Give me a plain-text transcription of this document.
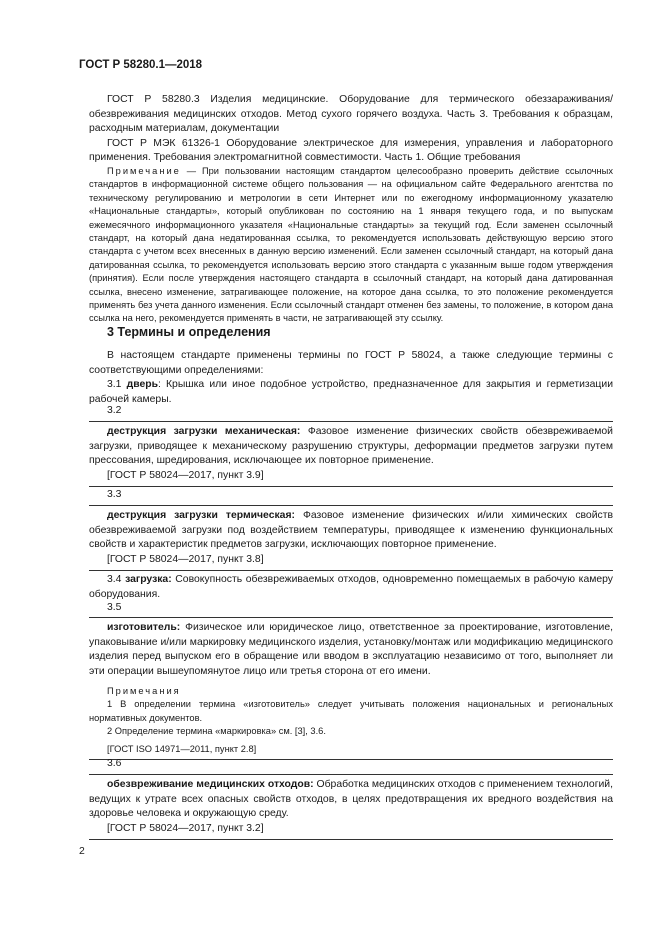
ГОСТ Р 58280.1—2018

ГОСТ Р 58280.3 Изделия медицинские. Оборудование для термического обеззараживания/обезвреживания медицинских отходов. Метод сухого горячего воздуха. Часть 3. Требования к образцам, расходным материалам, документации

ГОСТ Р МЭК 61326-1 Оборудование электрическое для измерения, управления и лабораторного применения. Требования электромагнитной совместимости. Часть 1. Общие требования

Примечание — При пользовании настоящим стандартом целесообразно проверить действие ссылочных стандартов в информационной системе общего пользования — на официальном сайте Федерального агентства по техническому регулированию и метрологии в сети Интернет или по ежегодному информационному указателю «Национальные стандарты», который опубликован по состоянию на 1 января текущего года, и по выпускам ежемесячного информационного указателя «Национальные стандарты» за текущий год. Если заменен ссылочный стандарт, на который дана недатированная ссылка, то рекомендуется использовать действующую версию этого стандарта с учетом всех внесенных в данную версию изменений. Если заменен ссылочный стандарт, на который дана датированная ссылка, то рекомендуется использовать версию этого стандарта с указанным выше годом утверждения (принятия). Если после утверждения настоящего стандарта в ссылочный стандарт, на который дана датированная ссылка, внесено изменение, затрагивающее положение, на которое дана ссылка, то это положение рекомендуется применять без учета данного изменения. Если ссылочный стандарт отменен без замены, то положение, в котором дана ссылка на него, рекомендуется применять в части, не затрагивающей эту ссылку.

3 Термины и определения

В настоящем стандарте применены термины по ГОСТ Р 58024, а также следующие термины с соответствующими определениями:

3.1 дверь: Крышка или иное подобное устройство, предназначенное для закрытия и герметизации рабочей камеры.

3.2

деструкция загрузки механическая: Фазовое изменение физических свойств обезвреживаемой загрузки, приводящее к механическому разрушению структуры, деформации предметов загрузки путем прессования, шредирования, исключающее их повторное применение.

[ГОСТ Р 58024—2017, пункт 3.9]

3.3

деструкция загрузки термическая: Фазовое изменение физических и/или химических свойств обезвреживаемой загрузки под воздействием температуры, приводящее к изменению функциональных свойств и характеристик предметов загрузки, исключающих повторное применение.

[ГОСТ Р 58024—2017, пункт 3.8]

3.4 загрузка: Совокупность обезвреживаемых отходов, одновременно помещаемых в рабочую камеру оборудования.

3.5

изготовитель: Физическое или юридическое лицо, ответственное за проектирование, изготовление, упаковывание и/или маркировку медицинского изделия, установку/монтаж или модификацию медицинского изделия перед выпуском его в обращение или вводом в эксплуатацию независимо от того, выполняет ли эти операции вышеупомянутое лицо или третья сторона от его имени.

Примечания

1 В определении термина «изготовитель» следует учитывать положения национальных и региональных нормативных документов.

2 Определение термина «маркировка» см. [3], 3.6.

[ГОСТ ISO 14971—2011, пункт 2.8]

3.6

обезвреживание медицинских отходов: Обработка медицинских отходов с применением технологий, ведущих к утрате всех опасных свойств отходов, в целях предотвращения их вредного воздействия на здоровье человека и окружающую среду.

[ГОСТ Р 58024—2017, пункт 3.2]

2
